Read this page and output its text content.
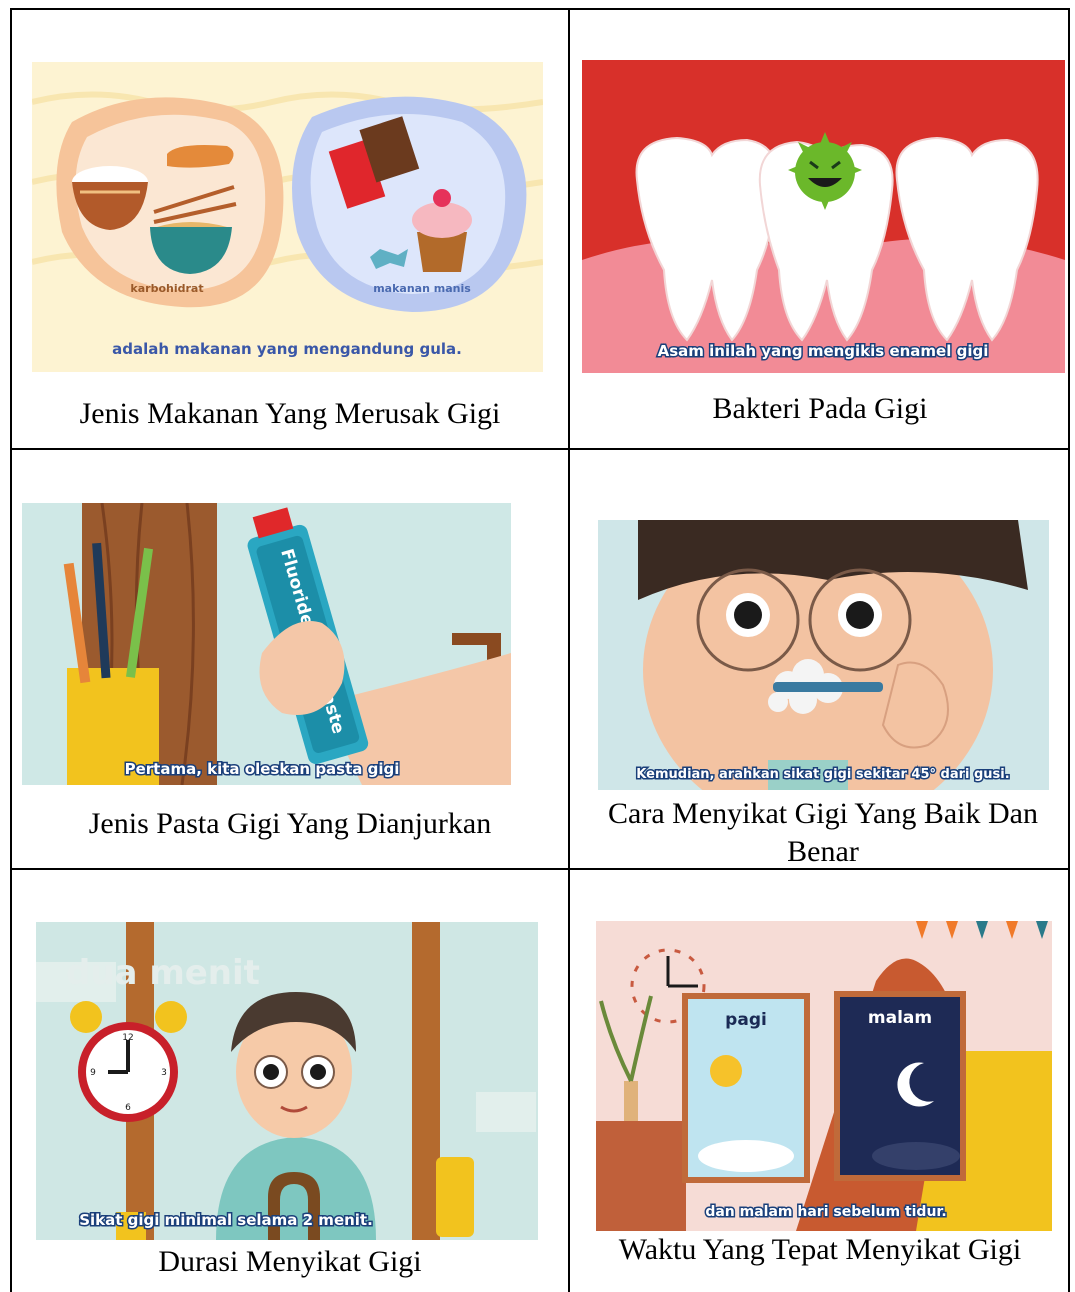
karbohidrat	makanan manis
adalah makanan yang mengandung gula.
Jenis Makanan Yang Merusak Gigi
Asam inilah yang mengikis enamel gigi
Bakteri Pada Gigi
Fluoride
Pertama, kita oleskan pasta gigi
Jenis Pasta Gigi Yang Dianjurkan
Kemudian, arahkan sikat gigi sekitar 45° dari gusi.
Cara Menyikat Gigi Yang Baik Dan Benar
dua menit
12
3
6
9
Sikat gigi minimal selama 2 menit.
Durasi Menyikat Gigi
pagi	malam
dan malam hari sebelum tidur.
Waktu Yang Tepat Menyikat Gigi
